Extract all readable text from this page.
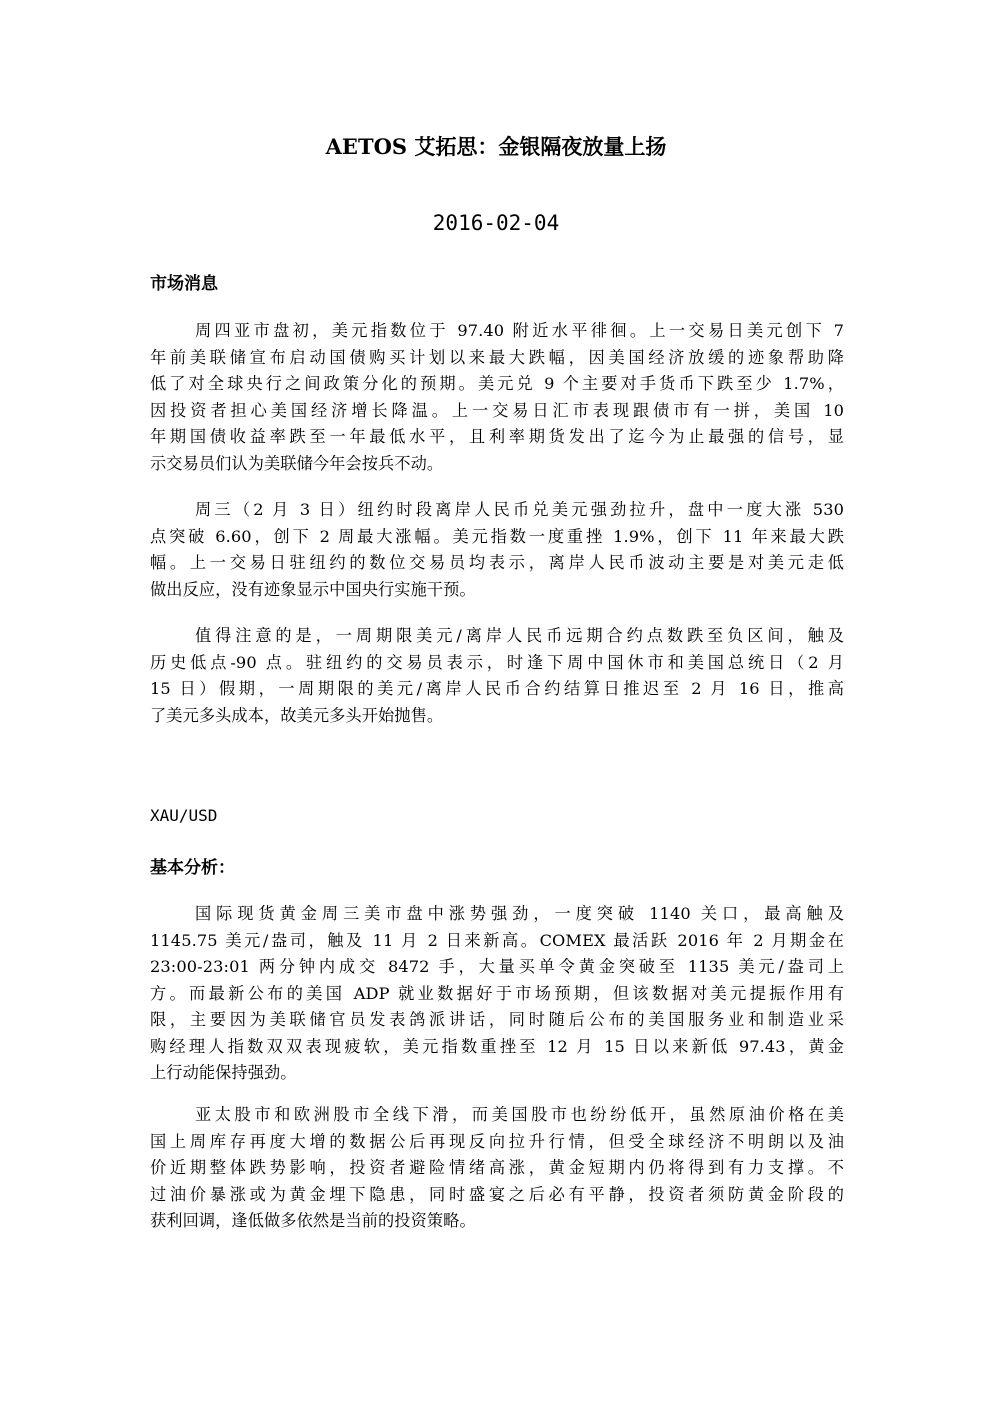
AETOS 艾拓思：金银隔夜放量上扬
2016-02-04
市场消息
周四亚市盘初，美元指数位于 97.40 附近水平徘徊。上一交易日美元创下 7
年前美联储宣布启动国债购买计划以来最大跌幅，因美国经济放缓的迹象帮助降
低了对全球央行之间政策分化的预期。美元兑 9 个主要对手货币下跌至少 1.7%，
因投资者担心美国经济增长降温。上一交易日汇市表现跟债市有一拼，美国 10
年期国债收益率跌至一年最低水平，且利率期货发出了迄今为止最强的信号，显
示交易员们认为美联储今年会按兵不动。
周三（2 月 3 日）纽约时段离岸人民币兑美元强劲拉升，盘中一度大涨 530
点突破 6.60，创下 2 周最大涨幅。美元指数一度重挫 1.9%，创下 11 年来最大跌
幅。上一交易日驻纽约的数位交易员均表示，离岸人民币波动主要是对美元走低
做出反应，没有迹象显示中国央行实施干预。
值得注意的是，一周期限美元/离岸人民币远期合约点数跌至负区间，触及
历史低点-90 点。驻纽约的交易员表示，时逢下周中国休市和美国总统日（2 月
15 日）假期，一周期限的美元/离岸人民币合约结算日推迟至 2 月 16 日，推高
了美元多头成本，故美元多头开始抛售。
XAU/USD
基本分析：
国际现货黄金周三美市盘中涨势强劲，一度突破 1140 关口，最高触及
1145.75 美元/盎司，触及 11 月 2 日来新高。COMEX 最活跃 2016 年 2 月期金在
23:00-23:01 两分钟内成交 8472 手，大量买单令黄金突破至 1135 美元/盎司上
方。而最新公布的美国 ADP 就业数据好于市场预期，但该数据对美元提振作用有
限，主要因为美联储官员发表鸽派讲话，同时随后公布的美国服务业和制造业采
购经理人指数双双表现疲软，美元指数重挫至 12 月 15 日以来新低 97.43，黄金
上行动能保持强劲。
亚太股市和欧洲股市全线下滑，而美国股市也纷纷低开，虽然原油价格在美
国上周库存再度大增的数据公后再现反向拉升行情，但受全球经济不明朗以及油
价近期整体跌势影响，投资者避险情绪高涨，黄金短期内仍将得到有力支撑。不
过油价暴涨或为黄金埋下隐患，同时盛宴之后必有平静，投资者须防黄金阶段的
获利回调，逢低做多依然是当前的投资策略。
